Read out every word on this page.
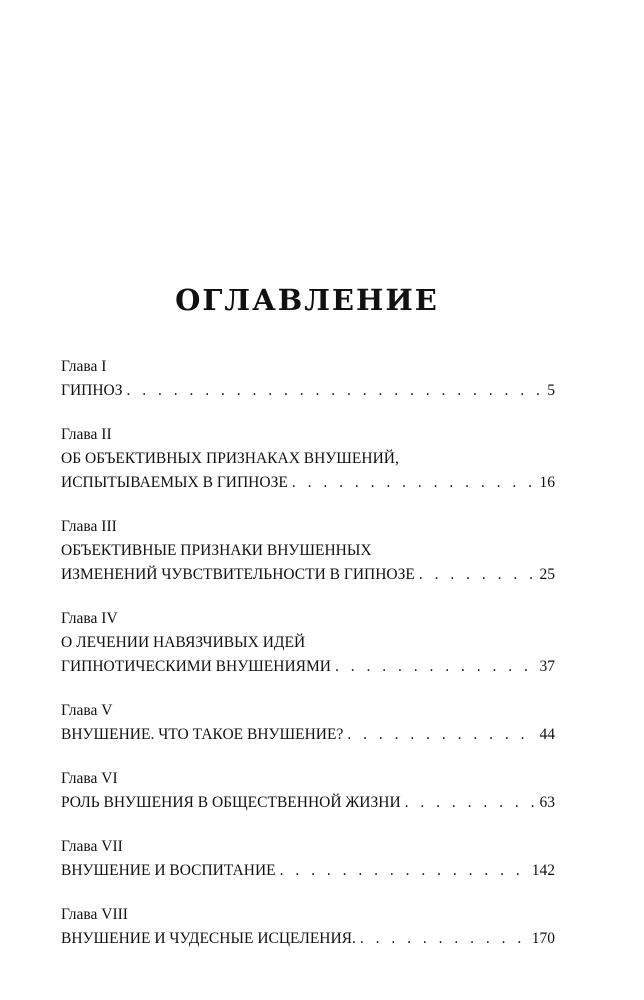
ОГЛАВЛЕНИЕ
Глава I
ГИПНОЗ . . .	5
Глава II
ОБ ОБЪЕКТИВНЫХ ПРИЗНАКАХ ВНУШЕНИЙ,
ИСПЫТЫВАЕМЫХ В ГИПНОЗЕ . . .	16
Глава III
ОБЪЕКТИВНЫЕ ПРИЗНАКИ ВНУШЕННЫХ
ИЗМЕНЕНИЙ ЧУВСТВИТЕЛЬНОСТИ В ГИПНОЗЕ . . .	25
Глава IV
О ЛЕЧЕНИИ НАВЯЗЧИВЫХ ИДЕЙ
ГИПНОТИЧЕСКИМИ ВНУШЕНИЯМИ . . .	37
Глава V
ВНУШЕНИЕ. ЧТО ТАКОЕ ВНУШЕНИЕ? . . .	44
Глава VI
РОЛЬ ВНУШЕНИЯ В ОБЩЕСТВЕННОЙ ЖИЗНИ . . .	63
Глава VII
ВНУШЕНИЕ И ВОСПИТАНИЕ . . .	142
Глава VIII
ВНУШЕНИЕ И ЧУДЕСНЫЕ ИСЦЕЛЕНИЯ. . . .	170
